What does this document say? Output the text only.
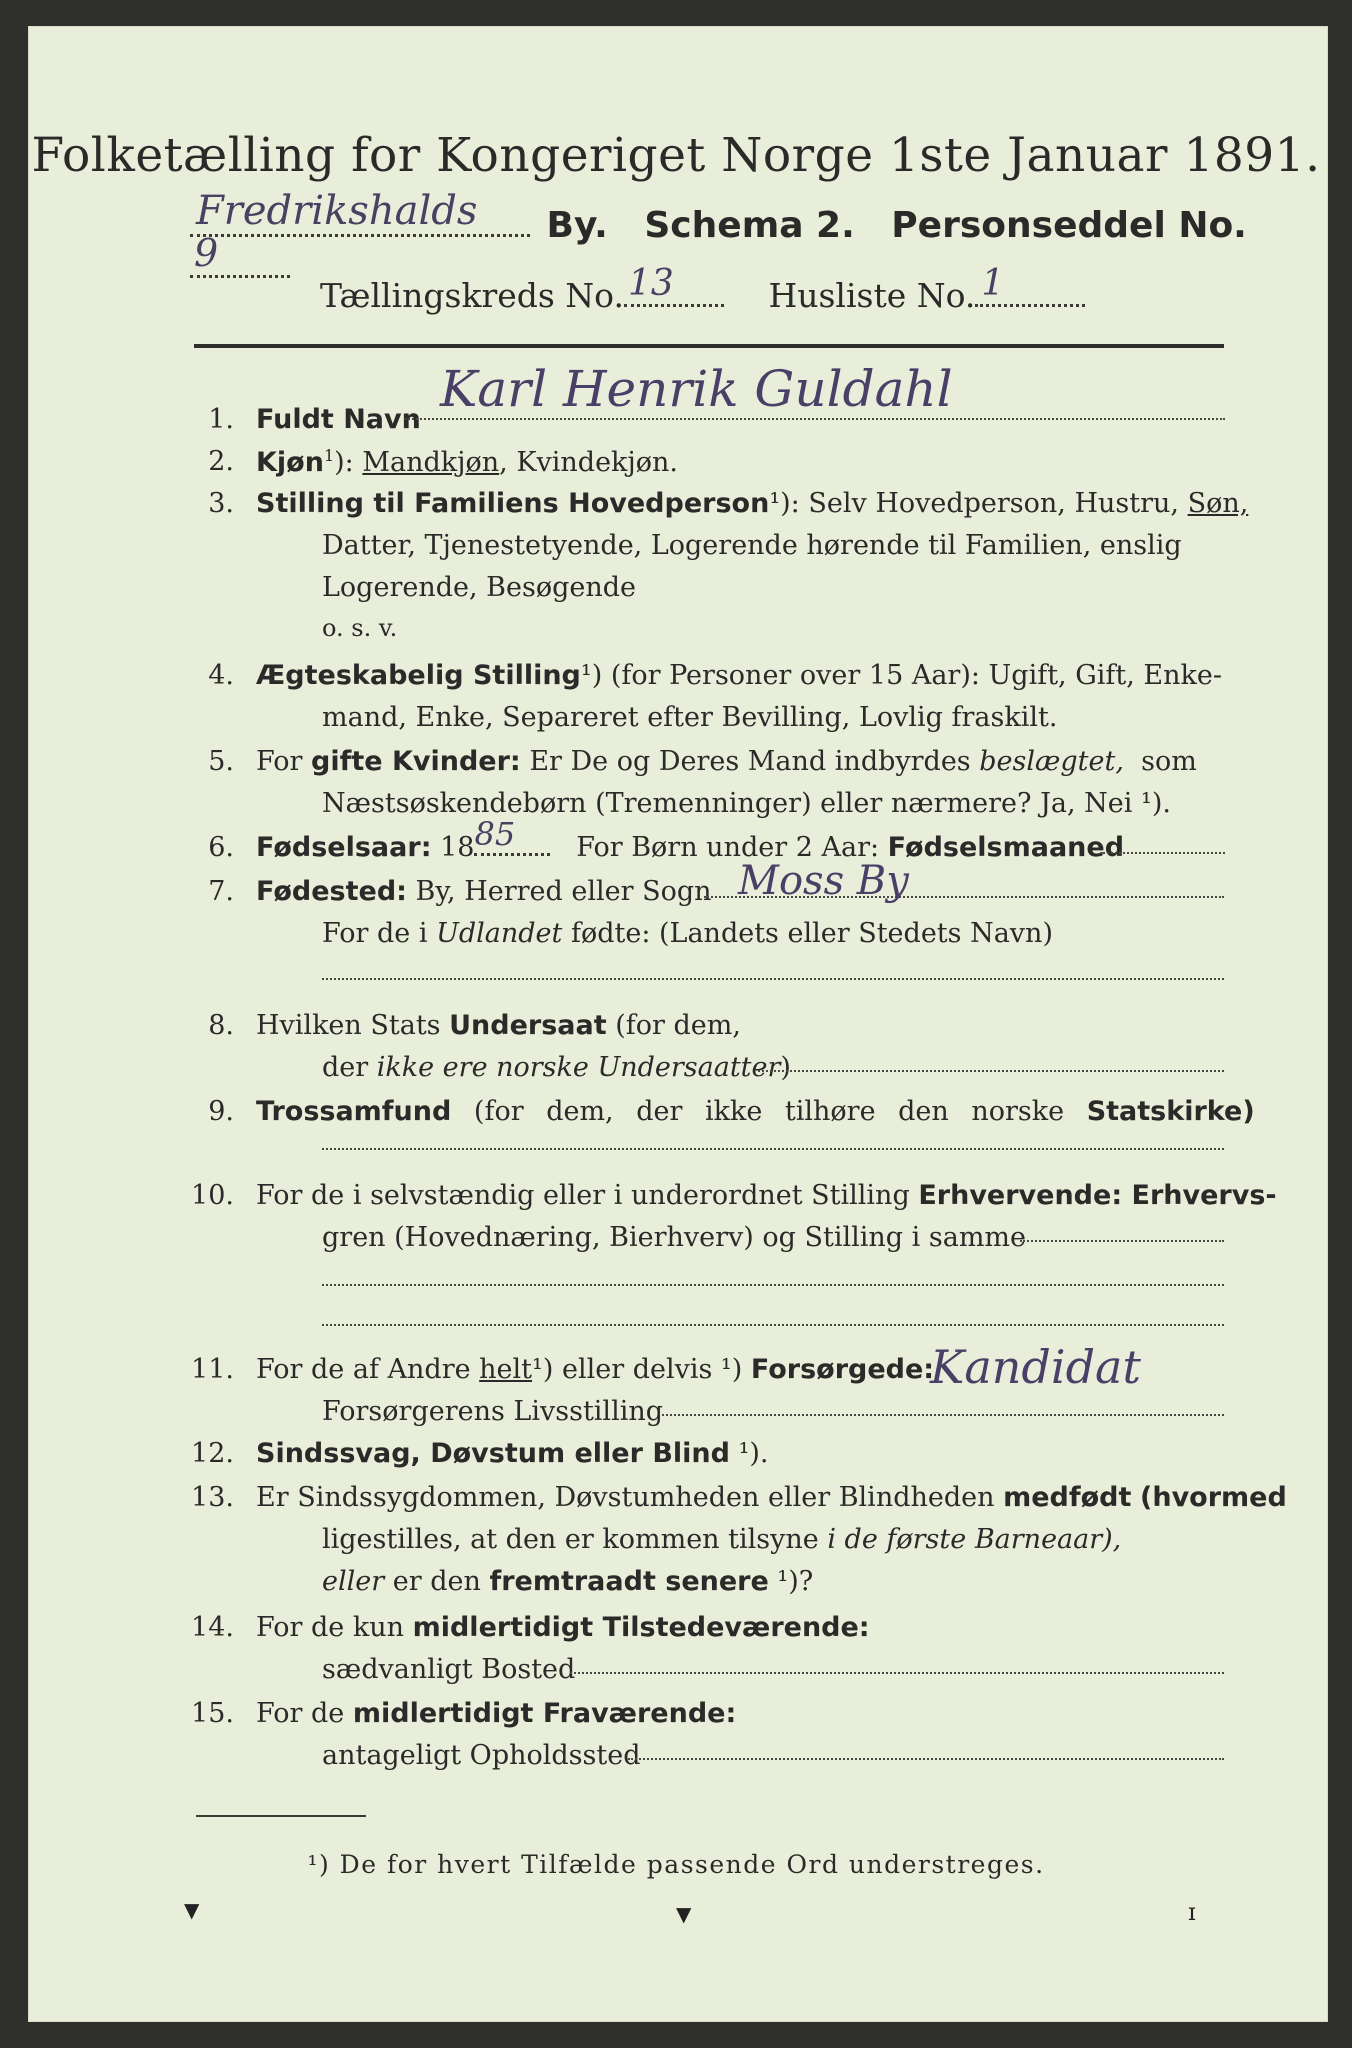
Folketælling for Kongeriget Norge 1ste Januar 1891.
Fredrikshalds By. Schema 2. Personseddel No.
9
Tællingskreds No. 13	Husliste No. 1
1. Fuldt Navn
Karl Henrik Guldahl
2. Kjøn$^1$): Mandkjøn, Kvindekjøn.
3. Stilling til Familiens Hovedperson¹): Selv Hovedperson, Hustru, Søn,
Datter, Tjenestetyende, Logerende hørende til Familien, enslig
Logerende, Besøgende
o. s. v.
4. Ægteskabelig Stilling¹) (for Personer over 15 Aar): Ugift, Gift, Enke-
mand, Enke, Separeret efter Bevilling, Lovlig fraskilt.
5. For gifte Kvinder: Er De og Deres Mand indbyrdes beslægtet, som
Næstsøskendebørn (Tremenninger) eller nærmere? Ja, Nei ¹).
6. Fødselsaar: 18 85 For Børn under 2 Aar: Fødselsmaaned
7. Fødested: By, Herred eller Sogn Moss By
For de i Udlandet fødte: (Landets eller Stedets Navn)
8. Hvilken Stats Undersaat (for dem,
der ikke ere norske Undersaatter)
9. Trossamfund (for dem, der ikke tilhøre den norske Statskirke)
10. For de i selvstændig eller i underordnet Stilling Erhvervende: Erhvervs-
gren (Hovednæring, Bierhverv) og Stilling i samme
11. For de af Andre helt¹) eller delvis ¹) Forsørgede:
Forsørgerens Livsstilling
Kandidat
12. Sindssvag, Døvstum eller Blind ¹).
13. Er Sindssygdommen, Døvstumheden eller Blindheden medfødt (hvormed
ligestilles, at den er kommen tilsyne i de første Barneaar),
eller er den fremtraadt senere ¹)?
14. For de kun midlertidigt Tilstedeværende:
sædvanligt Bosted
15. For de midlertidigt Fraværende:
antageligt Opholdssted
¹) De for hvert Tilfælde passende Ord understreges.
▼	▼	ɪ
